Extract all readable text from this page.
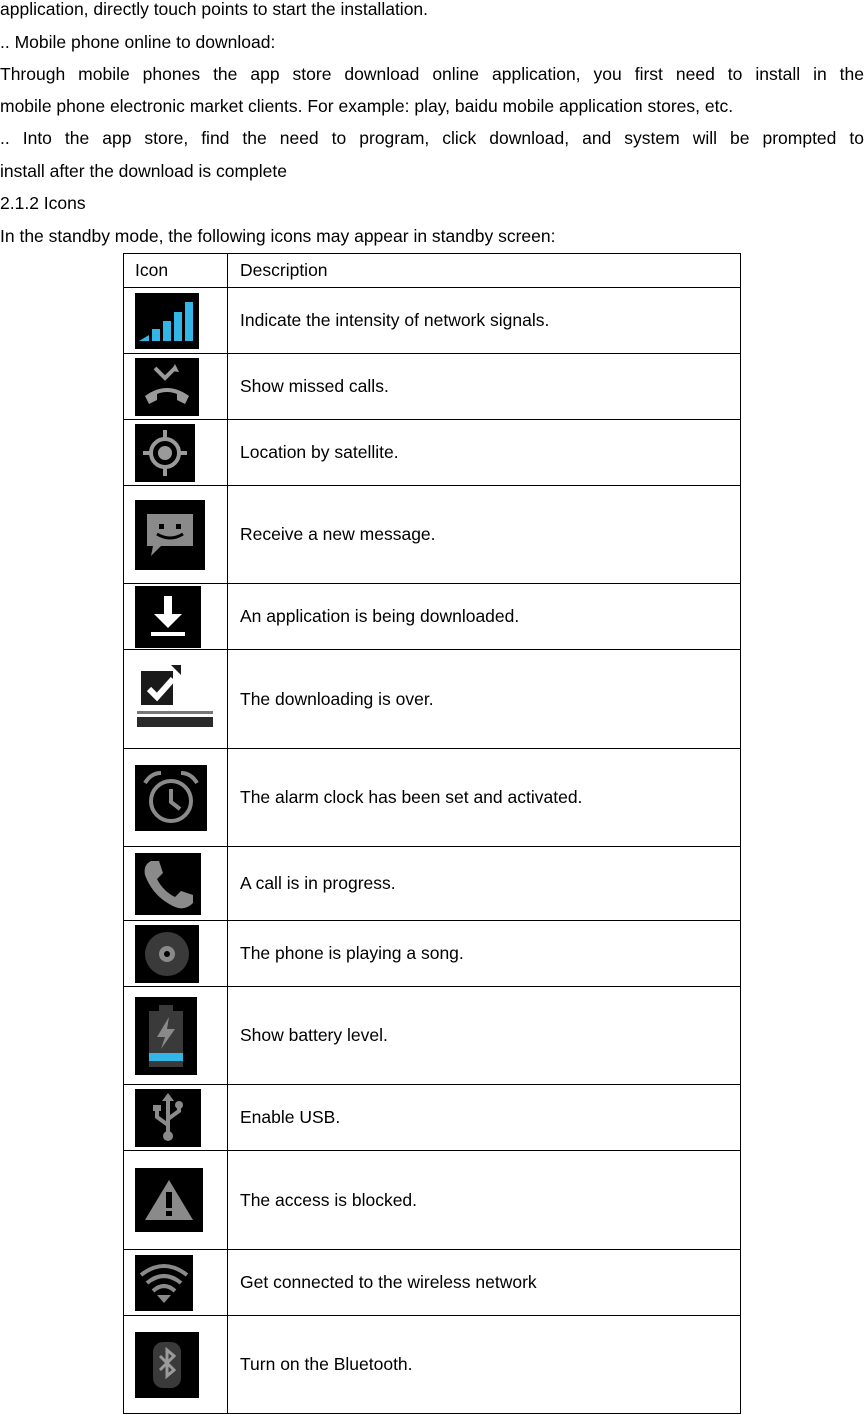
application, directly touch points to start the installation.
.. Mobile phone online to download:
Through mobile phones the app store download online application, you first need to install in the
mobile phone electronic market clients. For example: play, baidu mobile application stores, etc.
.. Into the app store, find the need to program, click download, and system will be prompted to
install after the download is complete
2.1.2 Icons
In the standby mode, the following icons may appear in standby screen:
Icon	Description

	Indicate the intensity of network signals.

	Show missed calls.

	Location by satellite.

	Receive a new message.

	An application is being downloaded.

	The downloading is over.

	The alarm clock has been set and activated.

	A call is in progress.

	The phone is playing a song.

	Show battery level.

	Enable USB.

	The access is blocked.

	Get connected to the wireless network

	Turn on the Bluetooth.
